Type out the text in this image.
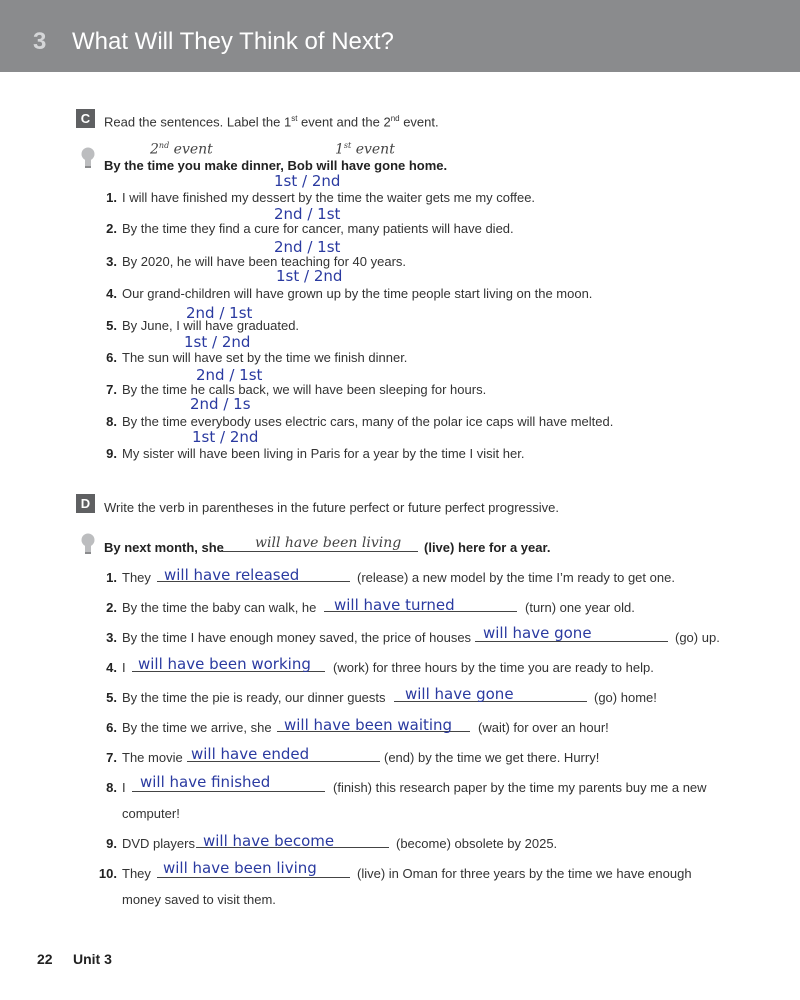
3 What Will They Think of Next?
C	Read the sentences. Label the 1st event and the 2nd event.
2nd event	1st event
By the time you make dinner, Bob will have gone home.
1st / 2nd
1. I will have finished my dessert by the time the waiter gets me my coffee.
2nd / 1st
2. By the time they find a cure for cancer, many patients will have died.
2nd / 1st
3. By 2020, he will have been teaching for 40 years.
1st / 2nd
4. Our grand-children will have grown up by the time people start living on the moon.
2nd / 1st
5. By June, I will have graduated.
1st / 2nd
6. The sun will have set by the time we finish dinner.
2nd / 1st
7. By the time he calls back, we will have been sleeping for hours.
2nd / 1s
8. By the time everybody uses electric cars, many of the polar ice caps will have melted.
1st / 2nd
9. My sister will have been living in Paris for a year by the time I visit her.
D	Write the verb in parentheses in the future perfect or future perfect progressive.
By next month, she will have been living (live) here for a year.
1. They will have released	(release) a new model by the time I’m ready to get one.
2. By the time the baby can walk, he will have turned	(turn) one year old.
3. By the time I have enough money saved, the price of houses will have gone	(go) up.
4. I will have been working (work) for three hours by the time you are ready to help.
5. By the time the pie is ready, our dinner guests will have gone	(go) home!
6. By the time we arrive, she will have been waiting (wait) for over an hour!
7. The movie will have ended	(end) by the time we get there. Hurry!
8. I will have finished	(finish) this research paper by the time my parents buy me a new
computer!
9. DVD players will have become	(become) obsolete by 2025.
10. They will have been living	(live) in Oman for three years by the time we have enough
money saved to visit them.
22 Unit 3
